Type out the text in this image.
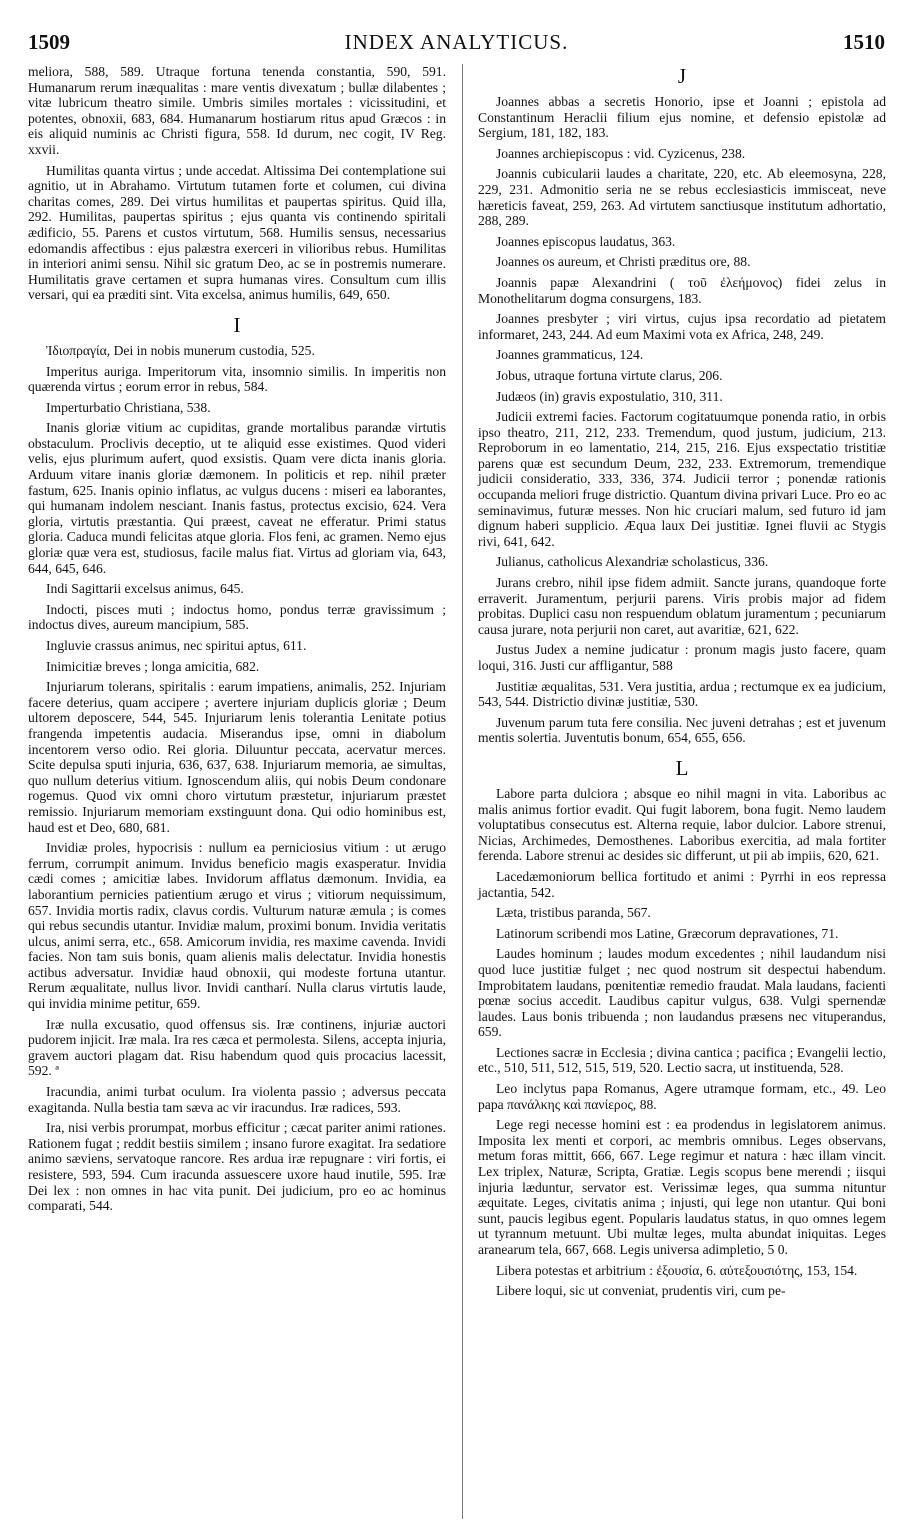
1509	INDEX ANALYTICUS.	1510

meliora, 588, 589. Utraque fortuna tenenda constantia, 590, 591. Humanarum rerum inæqualitas : mare ventis divexatum ; bullæ dilabentes ; vitæ lubricum theatro simile. Umbris similes mortales : vicissitudini, et potentes, obnoxii, 683, 684. Humanarum hostiarum ritus apud Græcos : in eis aliquid numinis ac Christi figura, 558. Id durum, nec cogit, IV Reg. xxvii.

Humilitas quanta virtus ; unde accedat. Altissima Dei contemplatione sui agnitio, ut in Abrahamo. Virtutum tutamen forte et columen, cui divina charitas comes, 289. Dei virtus humilitas et paupertas spiritus. Quid illa, 292. Humilitas, paupertas spiritus ; ejus quanta vis continendo spiritali ædificio, 55. Parens et custos virtutum, 568. Humilis sensus, necessarius edomandis affectibus : ejus palæstra exerceri in vilioribus rebus. Humilitas in interiori animi sensu. Nihil sic gratum Deo, ac se in postremis numerare. Humilitatis grave certamen et supra humanas vires. Consultum cum illis versari, qui ea præditi sint. Vita excelsa, animus humilis, 649, 650.

I

Ἰδιοπραγία, Dei in nobis munerum custodia, 525.

Imperitus auriga. Imperitorum vita, insomnio similis. In imperitis non quærenda virtus ; eorum error in rebus, 584.

Imperturbatio Christiana, 538.

Inanis gloriæ vitium ac cupiditas, grande mortalibus parandæ virtutis obstaculum. Proclivis deceptio, ut te aliquid esse existimes. Quod videri velis, ejus plurimum aufert, quod exsistis. Quam vere dicta inanis gloria. Arduum vitare inanis gloriæ dæmonem. In politicis et rep. nihil præter fastum, 625. Inanis opinio inflatus, ac vulgus ducens : miseri ea laborantes, qui humanam indolem nesciant. Inanis fastus, protectus excisio, 624. Vera gloria, virtutis præstantia. Qui præest, caveat ne efferatur. Primi status gloria. Caduca mundi felicitas atque gloria. Flos feni, ac gramen. Nemo ejus gloriæ quæ vera est, studiosus, facile malus fiat. Virtus ad gloriam via, 643, 644, 645, 646.

Indi Sagittarii excelsus animus, 645.

Indocti, pisces muti ; indoctus homo, pondus terræ gravissimum ; indoctus dives, aureum mancipium, 585.

Ingluvie crassus animus, nec spiritui aptus, 611.

Inimicitiæ breves ; longa amicitia, 682.

Injuriarum tolerans, spiritalis : earum impatiens, animalis, 252. Injuriam facere deterius, quam accipere ; avertere injuriam duplicis gloriæ ; Deum ultorem deposcere, 544, 545. Injuriarum lenis tolerantia Lenitate potius frangenda impetentis audacia. Miserandus ipse, omni in diabolum incentorem verso odio. Rei gloria. Diluuntur peccata, acervatur merces. Scite depulsa sputi injuria, 636, 637, 638. Injuriarum memoria, ae simultas, quo nullum deterius vitium. Ignoscendum aliis, qui nobis Deum condonare rogemus. Quod vix omni choro virtutum præstetur, injuriarum præstet remissio. Injuriarum memoriam exstinguunt dona. Qui odio hominibus est, haud est et Deo, 680, 681.

Invidiæ proles, hypocrisis : nullum ea perniciosius vitium : ut ærugo ferrum, corrumpit animum. Invidus beneficio magis exasperatur. Invidia cædi comes ; amicitiæ labes. Invidorum afflatus dæmonum. Invidia, ea laborantium pernicies patientium ærugo et virus ; vitiorum nequissimum, 657. Invidia mortis radix, clavus cordis. Vulturum naturæ æmula ; is comes qui rebus secundis utantur. Invidiæ malum, proximi bonum. Invidia veritatis ulcus, animi serra, etc., 658. Amicorum invidia, res maxime cavenda. Invidi facies. Non tam suis bonis, quam alienis malis delectatur. Invidia honestis actibus adversatur. Invidiæ haud obnoxii, qui modeste fortuna utantur. Rerum æqualitate, nullus livor. Invidi cantharí. Nulla clarus virtutis laude, qui invidia minime petitur, 659.

Iræ nulla excusatio, quod offensus sis. Iræ continens, injuriæ auctori pudorem injicit. Iræ mala. Ira res cæca et permolesta. Silens, accepta injuria, gravem auctori plagam dat. Risu habendum quod quis procacius lacessit, 592. ª

Iracundia, animi turbat oculum. Ira violenta passio ; adversus peccata exagitanda. Nulla bestia tam sæva ac vir iracundus. Iræ radices, 593.

Ira, nisi verbis prorumpat, morbus efficitur ; cæcat pariter animi rationes. Rationem fugat ; reddit bestiis similem ; insano furore exagitat. Ira sedatiore animo sæviens, servatoque rancore. Res ardua iræ repugnare : viri fortis, ei resistere, 593, 594. Cum iracunda assuescere uxore haud inutile, 595. Iræ Dei lex : non omnes in hac vita punit. Dei judicium, pro eo ac hominus comparati, 544.

J

Joannes abbas a secretis Honorio, ipse et Joanni ; epistola ad Constantinum Heraclii filium ejus nomine, et defensio epistolæ ad Sergium, 181, 182, 183.

Joannes archiepiscopus : vid. Cyzicenus, 238.

Joannis cubicularii laudes a charitate, 220, etc. Ab eleemosyna, 228, 229, 231. Admonitio seria ne se rebus ecclesiasticis immisceat, neve hæreticis faveat, 259, 263. Ad virtutem sanctiusque institutum adhortatio, 288, 289.

Joannes episcopus laudatus, 363.

Joannes os aureum, et Christi præditus ore, 88.

Joannis papæ Alexandrini ( τοῦ ἐλεήμονος) fidei zelus in Monothelitarum dogma consurgens, 183.

Joannes presbyter ; viri virtus, cujus ipsa recordatio ad pietatem informaret, 243, 244. Ad eum Maximi vota ex Africa, 248, 249.

Joannes grammaticus, 124.

Jobus, utraque fortuna virtute clarus, 206.

Judæos (in) gravis expostulatio, 310, 311.

Judicii extremi facies. Factorum cogitatuumque ponenda ratio, in orbis ipso theatro, 211, 212, 233. Tremendum, quod justum, judicium, 213. Reproborum in eo lamentatio, 214, 215, 216. Ejus exspectatio tristitiæ parens quæ est secundum Deum, 232, 233. Extremorum, tremendique judicii consideratio, 333, 336, 374. Judicii terror ; ponendæ rationis occupanda meliori fruge districtio. Quantum divina privari Luce. Pro eo ac seminavimus, futuræ messes. Non hic cruciari malum, sed futuro id jam dignum haberi supplicio. Æqua laux Dei justitiæ. Ignei fluvii ac Stygis rivi, 641, 642.

Julianus, catholicus Alexandriæ scholasticus, 336.

Jurans crebro, nihil ipse fidem admiit. Sancte jurans, quandoque forte erraverit. Juramentum, perjurii parens. Viris probis major ad fidem probitas. Duplici casu non respuendum oblatum juramentum ; pecuniarum causa jurare, nota perjurii non caret, aut avaritiæ, 621, 622.

Justus Judex a nemine judicatur : pronum magis justo facere, quam loqui, 316. Justi cur affligantur, 588

Justitiæ æqualitas, 531. Vera justitia, ardua ; rectumque ex ea judicium, 543, 544. Districtio divinæ justitiæ, 530.

Juvenum parum tuta fere consilia. Nec juveni detrahas ; est et juvenum mentis solertia. Juventutis bonum, 654, 655, 656.

L

Labore parta dulciora ; absque eo nihil magni in vita. Laboribus ac malis animus fortior evadit. Qui fugit laborem, bona fugit. Nemo laudem voluptatibus consecutus est. Alterna requie, labor dulcior. Labore strenui, Nicias, Archimedes, Demosthenes. Laboribus exercitia, ad mala fortiter ferenda. Labore strenui ac desides sic differunt, ut pii ab impiis, 620, 621.

Lacedæmoniorum bellica fortitudo et animi : Pyrrhi in eos repressa jactantia, 542.

Læta, tristibus paranda, 567.

Latinorum scribendi mos Latine, Græcorum depravationes, 71.

Laudes hominum ; laudes modum excedentes ; nihil laudandum nisi quod luce justitiæ fulget ; nec quod nostrum sit despectui habendum. Improbitatem laudans, pœnitentiæ remedio fraudat. Mala laudans, facienti pœnæ socius accedit. Laudibus capitur vulgus, 638. Vulgi spernendæ laudes. Laus bonis tribuenda ; non laudandus præsens nec vituperandus, 659.

Lectiones sacræ in Ecclesia ; divina cantica ; pacifica ; Evangelii lectio, etc., 510, 511, 512, 515, 519, 520. Lectio sacra, ut instituenda, 528.

Leo inclytus papa Romanus, Agere utramque formam, etc., 49. Leo papa πανάλκης καὶ πανίερος, 88.

Lege regi necesse homini est : ea prodendus in legislatorem animus. Imposita lex menti et corpori, ac membris omnibus. Leges observans, metum foras mittit, 666, 667. Lege regimur et natura : hæc illam vincit. Lex triplex, Naturæ, Scripta, Gratiæ. Legis scopus bene merendi ; iisqui injuria læduntur, servator est. Verissimæ leges, qua summa nituntur æquitate. Leges, civitatis anima ; injusti, qui lege non utantur. Qui boni sunt, paucis legibus egent. Popularis laudatus status, in quo omnes legem ut tyrannum metuunt. Ubi multæ leges, multa abundat iniquitas. Leges aranearum tela, 667, 668. Legis universa adimpletio, 5 0.

Libera potestas et arbitrium : ἐξουσία, 6. αὐτεξουσιότης, 153, 154.

Libere loqui, sic ut conveniat, prudentis viri, cum pe-
